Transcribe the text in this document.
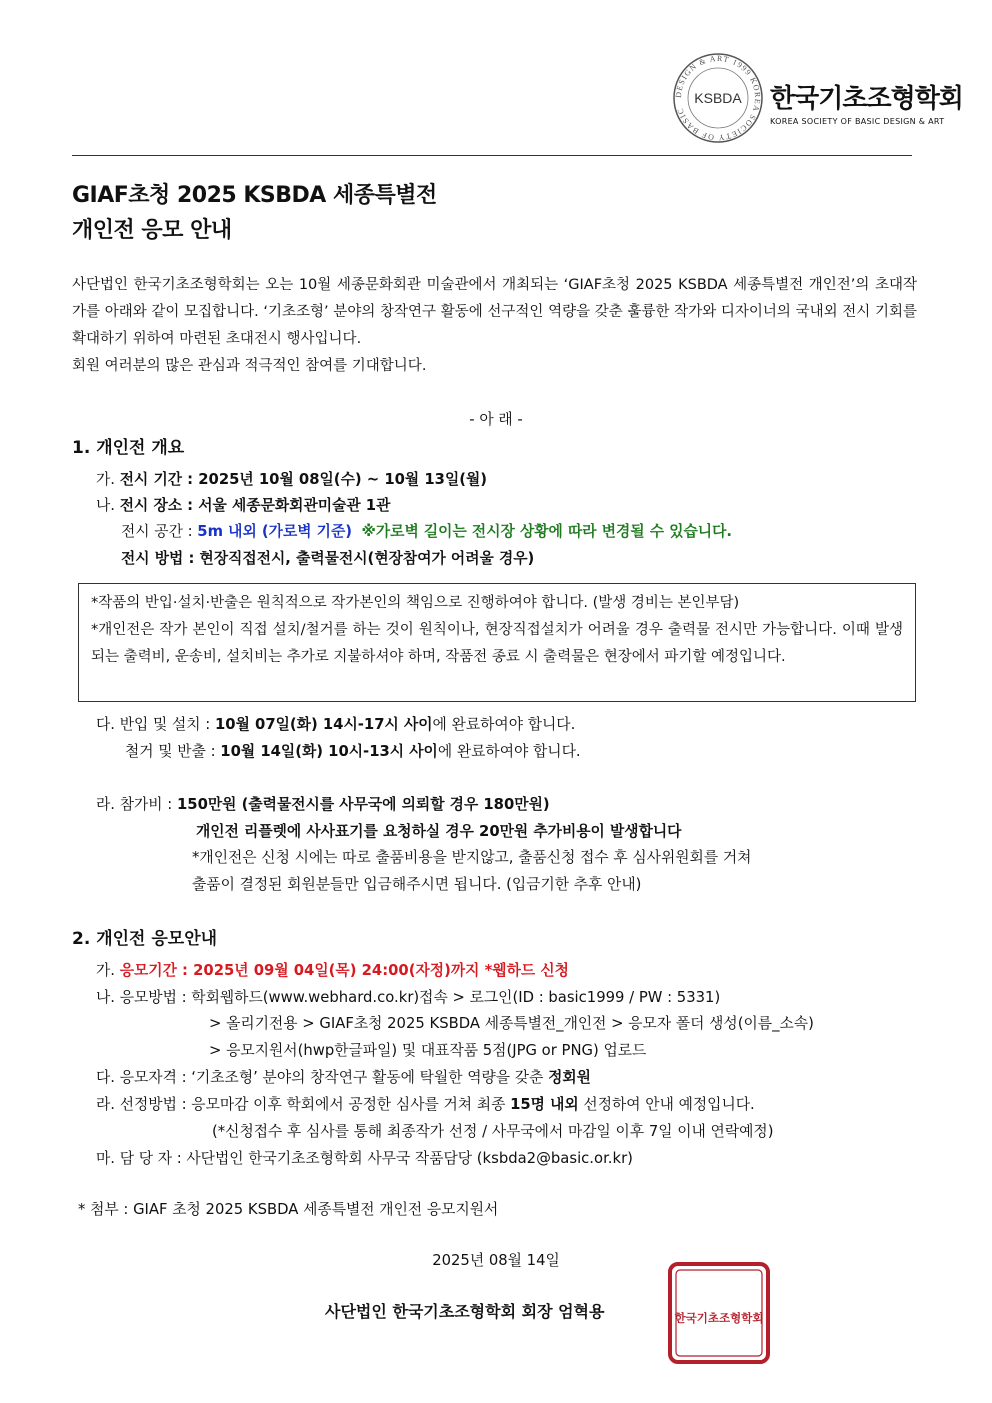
DESIGN & ART 1999 KOREA SOCIETY OF BASIC
KSBDA 한국기초조형학회
KOREA SOCIETY OF BASIC DESIGN & ART
GIAF초청 2025 KSBDA 세종특별전
개인전 응모 안내

사단법인 한국기초조형학회는 오는 10월 세종문화회관 미술관에서 개최되는 ‘GIAF초청 2025 KSBDA 세종특별전 개인전’의 초대작가를 아래와 같이 모집합니다. ‘기초조형’ 분야의 창작연구 활동에 선구적인 역량을 갖춘 훌륭한 작가와 디자이너의 국내외 전시 기회를 확대하기 위하여 마련된 초대전시 행사입니다.

회원 여러분의 많은 관심과 적극적인 참여를 기대합니다.

- 아 래 -
1. 개인전 개요
가. 전시 기간 : 2025년 10월 08일(수) ~ 10월 13일(월)
나. 전시 장소 : 서울 세종문화회관미술관 1관
전시 공간 : 5m 내외 (가로벽 기준) ※가로벽 길이는 전시장 상황에 따라 변경될 수 있습니다.
전시 방법 : 현장직접전시, 출력물전시(현장참여가 어려울 경우)

*작품의 반입·설치·반출은 원칙적으로 작가본인의 책임으로 진행하여야 합니다. (발생 경비는 본인부담)

*개인전은 작가 본인이 직접 설치/철거를 하는 것이 원칙이나, 현장직접설치가 어려울 경우 출력물 전시만 가능합니다. 이때 발생되는 출력비, 운송비, 설치비는 추가로 지불하셔야 하며, 작품전 종료 시 출력물은 현장에서 파기할 예정입니다.

다. 반입 및 설치 : 10월 07일(화) 14시-17시 사이에 완료하여야 합니다.
철거 및 반출 : 10월 14일(화) 10시-13시 사이에 완료하여야 합니다.
라. 참가비 : 150만원 (출력물전시를 사무국에 의뢰할 경우 180만원)
개인전 리플렛에 사사표기를 요청하실 경우 20만원 추가비용이 발생합니다
*개인전은 신청 시에는 따로 출품비용을 받지않고, 출품신청 접수 후 심사위원회를 거쳐
출품이 결정된 회원분들만 입금해주시면 됩니다. (입금기한 추후 안내)
2. 개인전 응모안내
가. 응모기간 : 2025년 09월 04일(목) 24:00(자정)까지 *웹하드 신청
나. 응모방법 : 학회웹하드(www.webhard.co.kr)접속 > 로그인(ID : basic1999 / PW : 5331)
> 올리기전용 > GIAF초청 2025 KSBDA 세종특별전_개인전 > 응모자 폴더 생성(이름_소속)
> 응모지원서(hwp한글파일) 및 대표작품 5점(JPG or PNG) 업로드
다. 응모자격 : ‘기초조형’ 분야의 창작연구 활동에 탁월한 역량을 갖춘 정회원
라. 선정방법 : 응모마감 이후 학회에서 공정한 심사를 거쳐 최종 15명 내외 선정하여 안내 예정입니다.
(*신청접수 후 심사를 통해 최종작가 선정 / 사무국에서 마감일 이후 7일 이내 연락예정)
마. 담 당 자 : 사단법인 한국기초조형학회 사무국 작품담당 (ksbda2@basic.or.kr)
* 첨부 : GIAF 초청 2025 KSBDA 세종특별전 개인전 응모지원서
2025년 08월 14일
사단법인 한국기초조형학회 회장 엄혁용	한국기초조형학회
